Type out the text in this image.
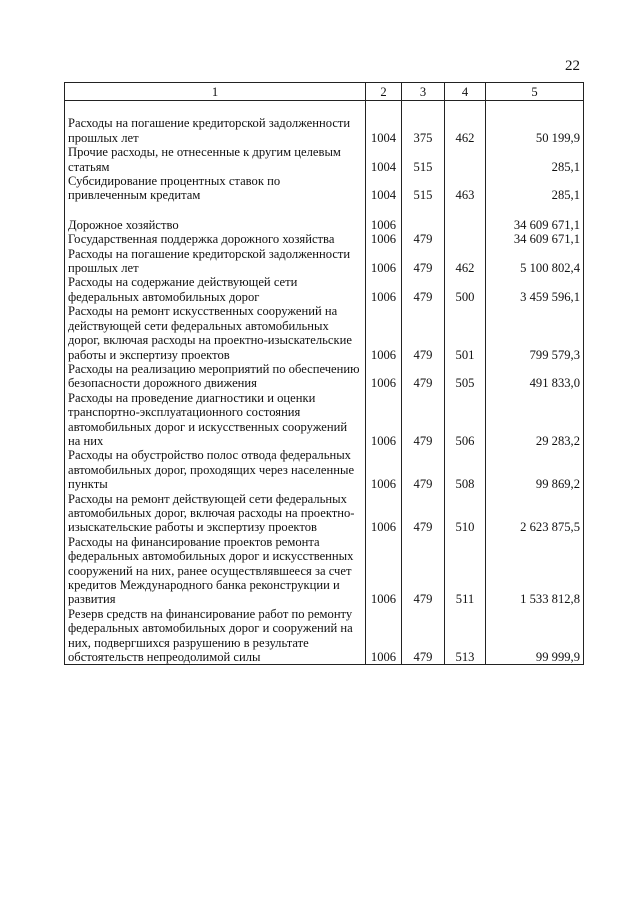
22
1	2	3	4	5

Расходы на погашение кредиторской задолженности прошлых лет	1004	375	462	50 199,9
Прочие расходы, не отнесенные к другим целевым статьям	1004	515		285,1
Субсидирование процентных ставок по привлеченным кредитам	1004	515	463	285,1

Дорожное хозяйство	1006			34 609 671,1
Государственная поддержка дорожного хозяйства	1006	479		34 609 671,1
Расходы на погашение кредиторской задолженности прошлых лет	1006	479	462	5 100 802,4
Расходы на содержание действующей сети федеральных автомобильных дорог	1006	479	500	3 459 596,1
Расходы на ремонт искусственных сооружений на действующей сети федеральных автомобильных дорог, включая расходы на проектно-изыскательские работы и экспертизу проектов	1006	479	501	799 579,3
Расходы на реализацию мероприятий по обеспечению безопасности дорожного движения	1006	479	505	491 833,0
Расходы на проведение диагностики и оценки транспортно-эксплуатационного состояния автомобильных дорог и искусственных сооружений на них	1006	479	506	29 283,2
Расходы на обустройство полос отвода федеральных автомобильных дорог, проходящих через населенные пункты	1006	479	508	99 869,2
Расходы на ремонт действующей сети федеральных автомобильных дорог, включая расходы на проектно-изыскательские работы и экспертизу проектов	1006	479	510	2 623 875,5
Расходы на финансирование проектов ремонта федеральных автомобильных дорог и искусственных сооружений на них, ранее осуществлявшееся за счет кредитов Международного банка реконструкции и развития	1006	479	511	1 533 812,8
Резерв средств на финансирование работ по ремонту федеральных автомобильных дорог и сооружений на них, подвергшихся разрушению в результате обстоятельств непреодолимой силы	1006	479	513	99 999,9
